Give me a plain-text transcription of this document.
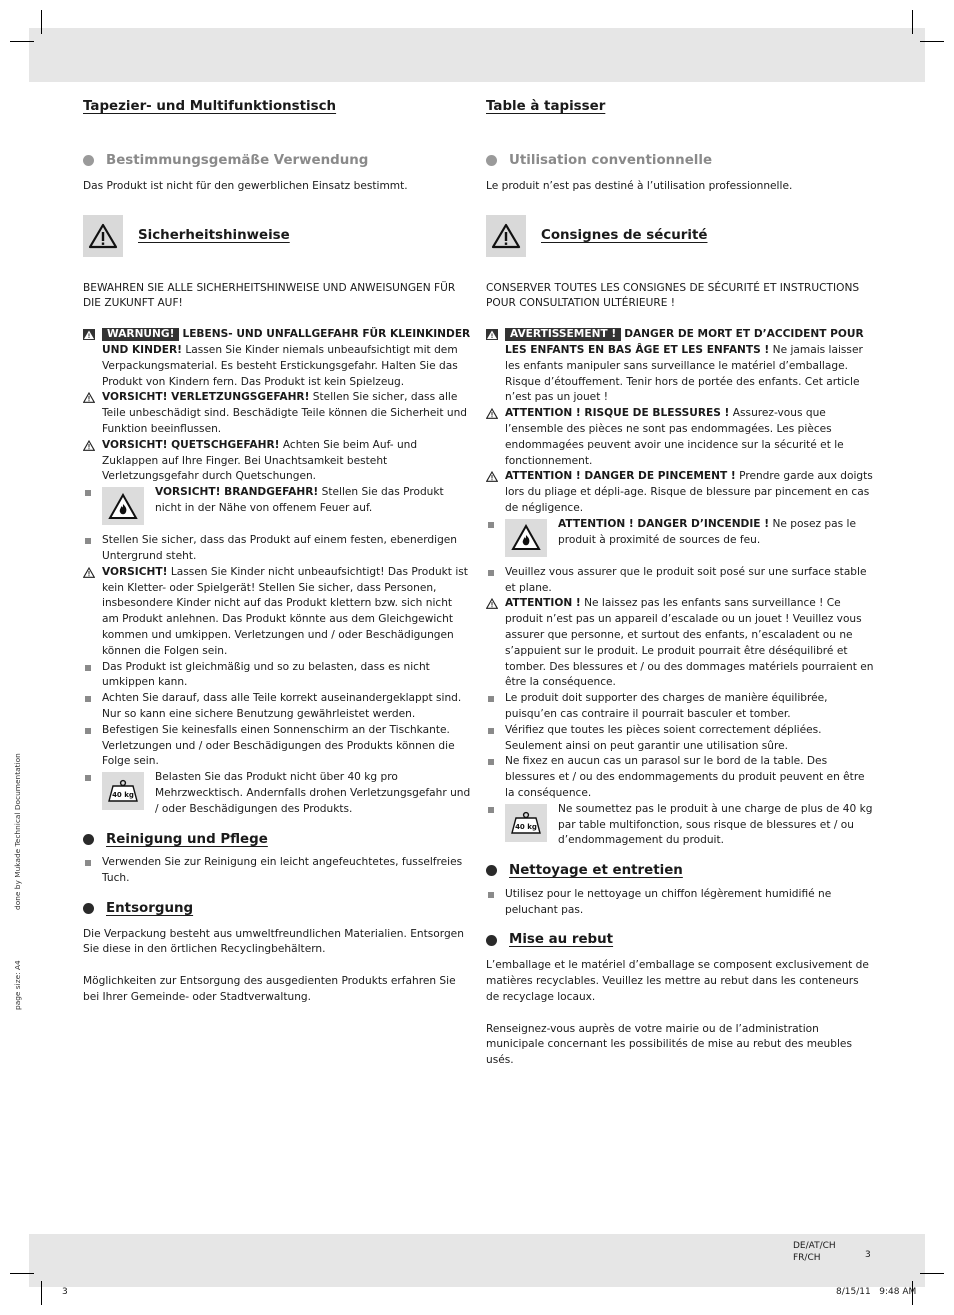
done by Mukade Technical Documentation
page size: A4
Tapezier- und Multifunktionstisch
Bestimmungsgemäße Verwendung

Das Produkt ist nicht für den gewerblichen Einsatz bestimmt.

Sicherheitshinweise

BEWAHREN SIE ALLE SICHERHEITSHINWEISE UND ANWEISUNGEN FÜR DIE ZUKUNFT AUF!

WARNUNG! LEBENS- UND UNFALLGEFAHR FÜR KLEINKINDER UND KINDER! Lassen Sie Kinder niemals unbeaufsichtigt mit dem Verpackungsmaterial. Es besteht Erstickungsgefahr. Halten Sie das Produkt von Kindern fern. Das Produkt ist kein Spielzeug.
VORSICHT! VERLETZUNGSGEFAHR! Stellen Sie sicher, dass alle Teile unbeschädigt sind. Beschädigte Teile können die Sicherheit und Funktion beeinflussen.
VORSICHT! QUETSCHGEFAHR! Achten Sie beim Auf- und Zuklappen auf Ihre Finger. Bei Unachtsamkeit besteht Verletzungsgefahr durch Quetschungen.
VORSICHT! BRANDGEFAHR! Stellen Sie das Produkt nicht in der Nähe von offenem Feuer auf.
Stellen Sie sicher, dass das Produkt auf einem festen, ebenerdigen Untergrund steht.
VORSICHT! Lassen Sie Kinder nicht unbeaufsichtigt! Das Produkt ist kein Kletter- oder Spielgerät! Stellen Sie sicher, dass Personen, insbesondere Kinder nicht auf das Produkt klettern bzw. sich nicht am Produkt anlehnen. Das Produkt könnte aus dem Gleichgewicht kommen und umkippen. Verletzungen und / oder Beschädigungen können die Folgen sein.
Das Produkt ist gleichmäßig und so zu belasten, dass es nicht umkippen kann.
Achten Sie darauf, dass alle Teile korrekt auseinandergeklappt sind. Nur so kann eine sichere Benutzung gewährleistet werden.
Befestigen Sie keinesfalls einen Sonnenschirm an der Tischkante. Verletzungen und / oder Beschädigungen des Produkts können die Folge sein.
40 kg
Belasten Sie das Produkt nicht über 40 kg pro Mehrzwecktisch. Andernfalls drohen Verletzungsgefahr und / oder Beschädigungen des Produkts.
Reinigung und Pflege
Verwenden Sie zur Reinigung ein leicht angefeuchtetes, fusselfreies Tuch.
Entsorgung

Die Verpackung besteht aus umweltfreundlichen Materialien. Entsorgen Sie diese in den örtlichen Recyclingbehältern.

Möglichkeiten zur Entsorgung des ausgedienten Produkts erfahren Sie bei Ihrer Gemeinde- oder Stadtverwaltung.

Table à tapisser
Utilisation conventionnelle

Le produit n’est pas destiné à l’utilisation professionnelle.

Consignes de sécurité

CONSERVER TOUTES LES CONSIGNES DE SÉCURITÉ ET INSTRUCTIONS POUR CONSULTATION ULTÉRIEURE !

AVERTISSEMENT ! DANGER DE MORT ET D’ACCIDENT POUR LES ENFANTS EN BAS ÂGE ET LES ENFANTS ! Ne jamais laisser les enfants manipuler sans surveillance le matériel d’emballage. Risque d’étouffement. Tenir hors de portée des enfants. Cet article n’est pas un jouet !
ATTENTION ! RISQUE DE BLESSURES ! Assurez-vous que l’ensemble des pièces ne sont pas endommagées. Les pièces endommagées peuvent avoir une incidence sur la sécurité et le fonctionnement.
ATTENTION ! DANGER DE PINCEMENT ! Prendre garde aux doigts lors du pliage et dépli-age. Risque de blessure par pincement en cas de négligence.
ATTENTION ! DANGER D’INCENDIE ! Ne posez pas le produit à proximité de sources de feu.
Veuillez vous assurer que le produit soit posé sur une surface stable et plane.
ATTENTION ! Ne laissez pas les enfants sans surveillance ! Ce produit n’est pas un appareil d’escalade ou un jouet ! Veuillez vous assurer que personne, et surtout des enfants, n’escaladent ou ne s’appuient sur le produit. Le produit pourrait être déséquilibré et tomber. Des blessures et / ou des dommages matériels pourraient en être la conséquence.
Le produit doit supporter des charges de manière équilibrée, puisqu’en cas contraire il pourrait basculer et tomber.
Vérifiez que toutes les pièces soient correctement dépliées. Seulement ainsi on peut garantir une utilisation sûre.
Ne fixez en aucun cas un parasol sur le bord de la table. Des blessures et / ou des endommagements du produit peuvent en être la conséquence.
40 kg
Ne soumettez pas le produit à une charge de plus de 40 kg par table multifonction, sous risque de blessures et / ou d’endommagement du produit.
Nettoyage et entretien
Utilisez pour le nettoyage un chiffon légèrement humidifié ne peluchant pas.
Mise au rebut

L’emballage et le matériel d’emballage se composent exclusivement de matières recyclables. Veuillez les mettre au rebut dans les conteneurs de recyclage locaux.

Renseignez-vous auprès de votre mairie ou de l’administration municipale concernant les possibilités de mise au rebut des meubles usés.

DE/AT/CH
FR/CH	3
3	8/15/11   9:48 AM
